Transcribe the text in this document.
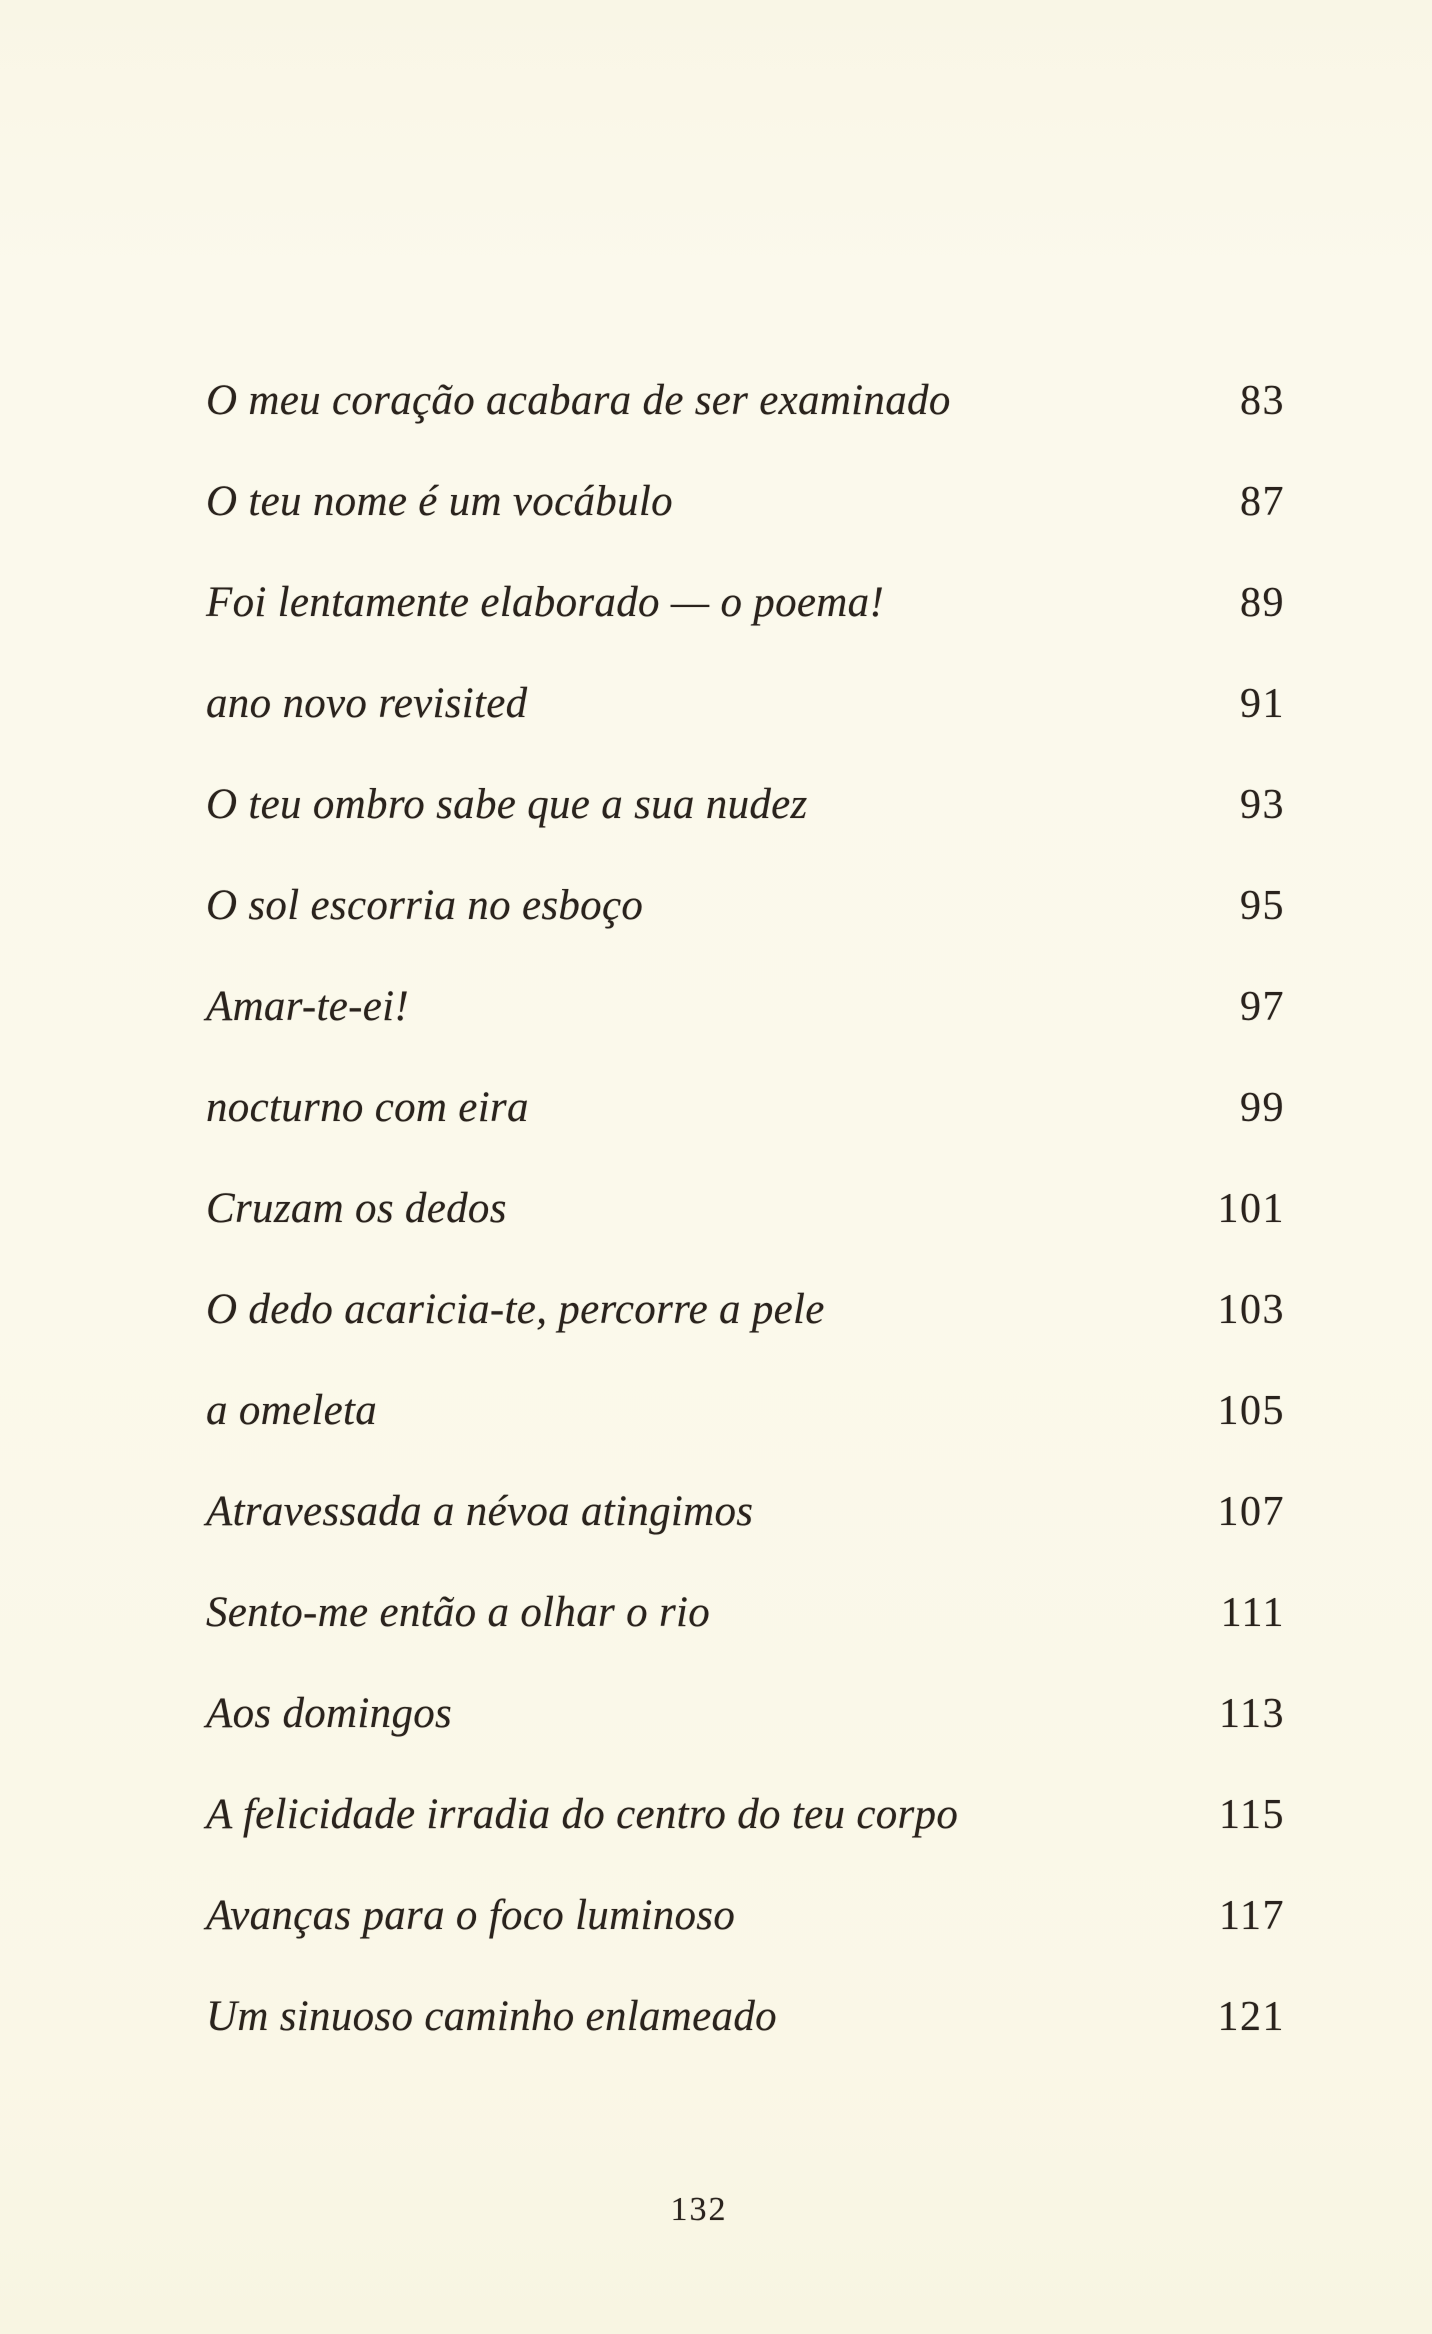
O meu coração acabara de ser examinado	83
O teu nome é um vocábulo	87
Foi lentamente elaborado — o poema!	89
ano novo revisited	91
O teu ombro sabe que a sua nudez	93
O sol escorria no esboço	95
Amar-te-ei!	97
nocturno com eira	99
Cruzam os dedos	101
O dedo acaricia-te, percorre a pele	103
a omeleta	105
Atravessada a névoa atingimos	107
Sento-me então a olhar o rio	111
Aos domingos	113
A felicidade irradia do centro do teu corpo	115
Avanças para o foco luminoso	117
Um sinuoso caminho enlameado	121
132
